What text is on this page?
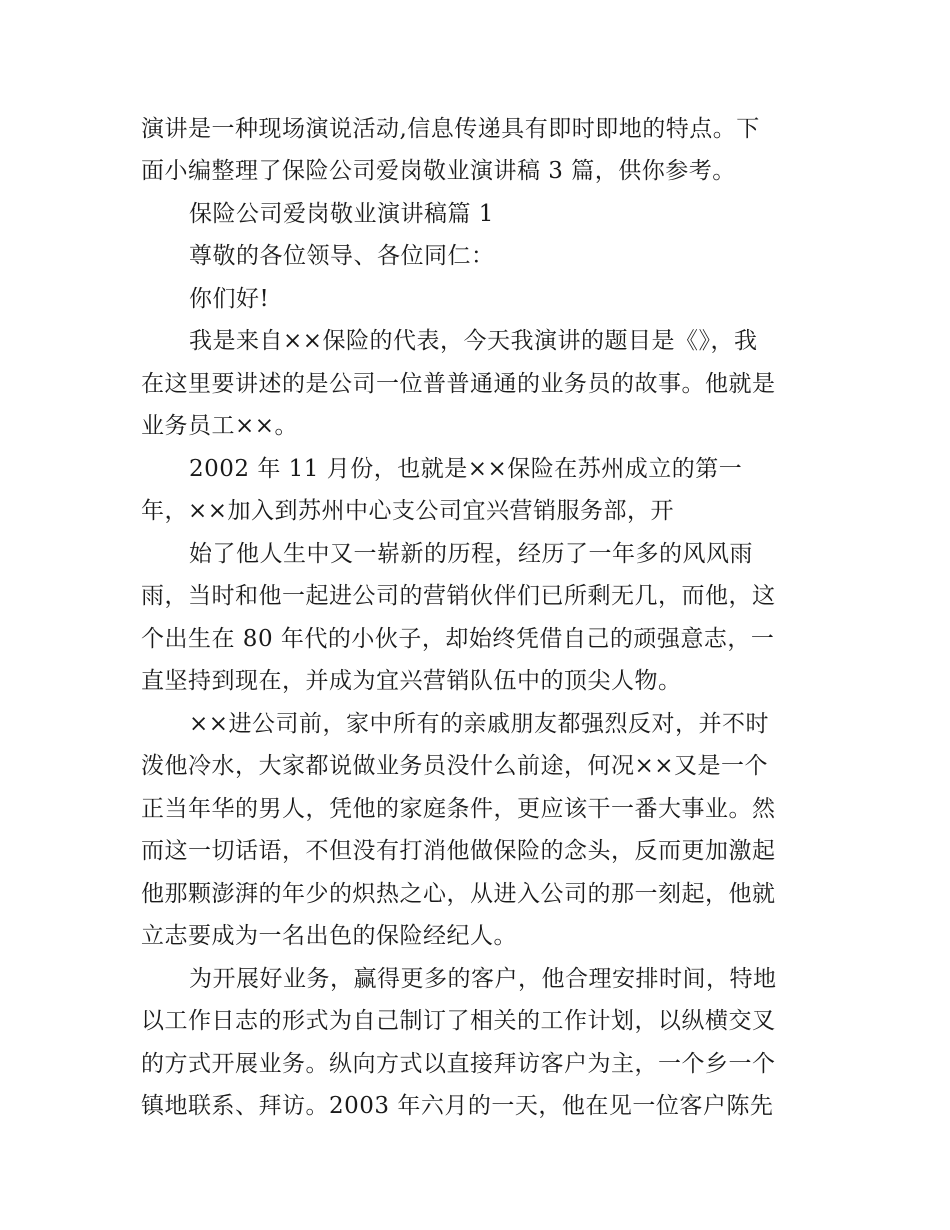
演讲是一种现场演说活动,信息传递具有即时即地的特点。下
面小编整理了保险公司爱岗敬业演讲稿 3 篇，供你参考。
保险公司爱岗敬业演讲稿篇 1
尊敬的各位领导、各位同仁：
你们好!
我是来自××保险的代表，今天我演讲的题目是《》，我
在这里要讲述的是公司一位普普通通的业务员的故事。他就是
业务员工××。
2002 年 11 月份，也就是××保险在苏州成立的第一
年，××加入到苏州中心支公司宜兴营销服务部，开
始了他人生中又一崭新的历程，经历了一年多的风风雨
雨，当时和他一起进公司的营销伙伴们已所剩无几，而他，这
个出生在 80 年代的小伙子，却始终凭借自己的顽强意志，一
直坚持到现在，并成为宜兴营销队伍中的顶尖人物。
××进公司前，家中所有的亲戚朋友都强烈反对，并不时
泼他冷水，大家都说做业务员没什么前途，何况××又是一个
正当年华的男人，凭他的家庭条件，更应该干一番大事业。然
而这一切话语，不但没有打消他做保险的念头，反而更加激起
他那颗澎湃的年少的炽热之心，从进入公司的那一刻起，他就
立志要成为一名出色的保险经纪人。
为开展好业务，赢得更多的客户，他合理安排时间，特地
以工作日志的形式为自己制订了相关的工作计划，以纵横交叉
的方式开展业务。纵向方式以直接拜访客户为主，一个乡一个
镇地联系、拜访。2003 年六月的一天，他在见一位客户陈先
